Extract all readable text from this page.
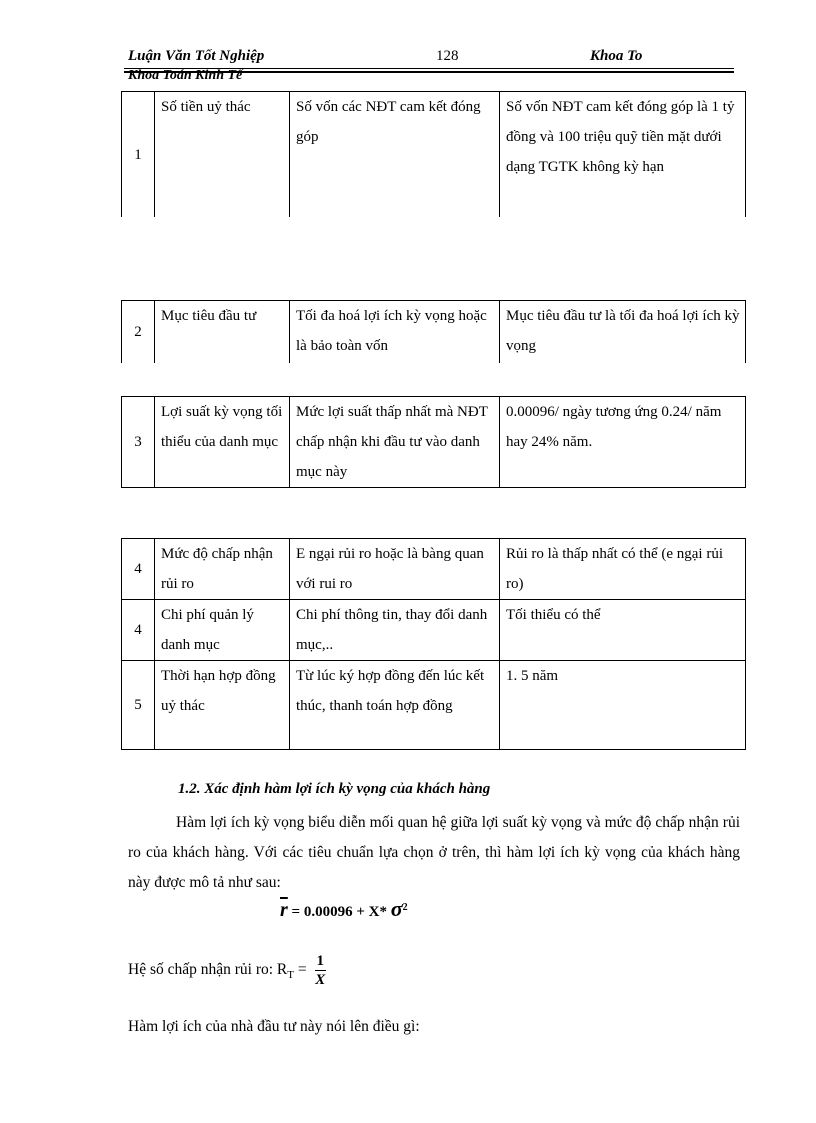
Luận Văn Tốt Nghiệp	128	Khoa To
Khoa Toán Kinh Tế
1	Số tiền uỷ thác	Số vốn các NĐT cam kết đóng góp	Số vốn NĐT cam kết đóng góp là 1 tỷ đồng và 100 triệu quỹ tiền mặt dưới dạng TGTK không kỳ hạn
2	Mục tiêu đầu tư	Tối đa hoá lợi ích kỳ vọng hoặc là bảo toàn vốn	Mục tiêu đầu tư là tối đa hoá lợi ích kỳ vọng
3	Lợi suất kỳ vọng tối thiểu của danh mục	Mức lợi suất thấp nhất mà NĐT chấp nhận khi đầu tư vào danh mục này	0.00096/ ngày tương ứng 0.24/ năm hay 24% năm.
4	Mức độ chấp nhận rủi ro	E ngại rủi ro hoặc là bàng quan với rui ro	Rủi ro là thấp nhất có thể (e ngại rủi ro)
4	Chi phí quản lý danh mục	Chi phí thông tin, thay đổi danh mục,..	Tối thiểu có thể
5	Thời hạn hợp đồng uỷ thác	Từ lúc ký hợp đồng đến lúc kết thúc, thanh toán hợp đồng	1. 5 năm
1.2. Xác định hàm lợi ích kỳ vọng của khách hàng
Hàm lợi ích kỳ vọng biểu diễn mối quan hệ giữa lợi suất kỳ vọng và mức độ chấp nhận rủi ro của khách hàng. Với các tiêu chuẩn lựa chọn ở trên, thì hàm lợi ích kỳ vọng của khách hàng này được mô tả như sau:
$\overline{r} = 0.00096 + X*$ $\sigma^2$
Hệ số chấp nhận rủi ro: $R_T = \frac{1}{X}$
Hàm lợi ích của nhà đầu tư này nói lên điều gì:
